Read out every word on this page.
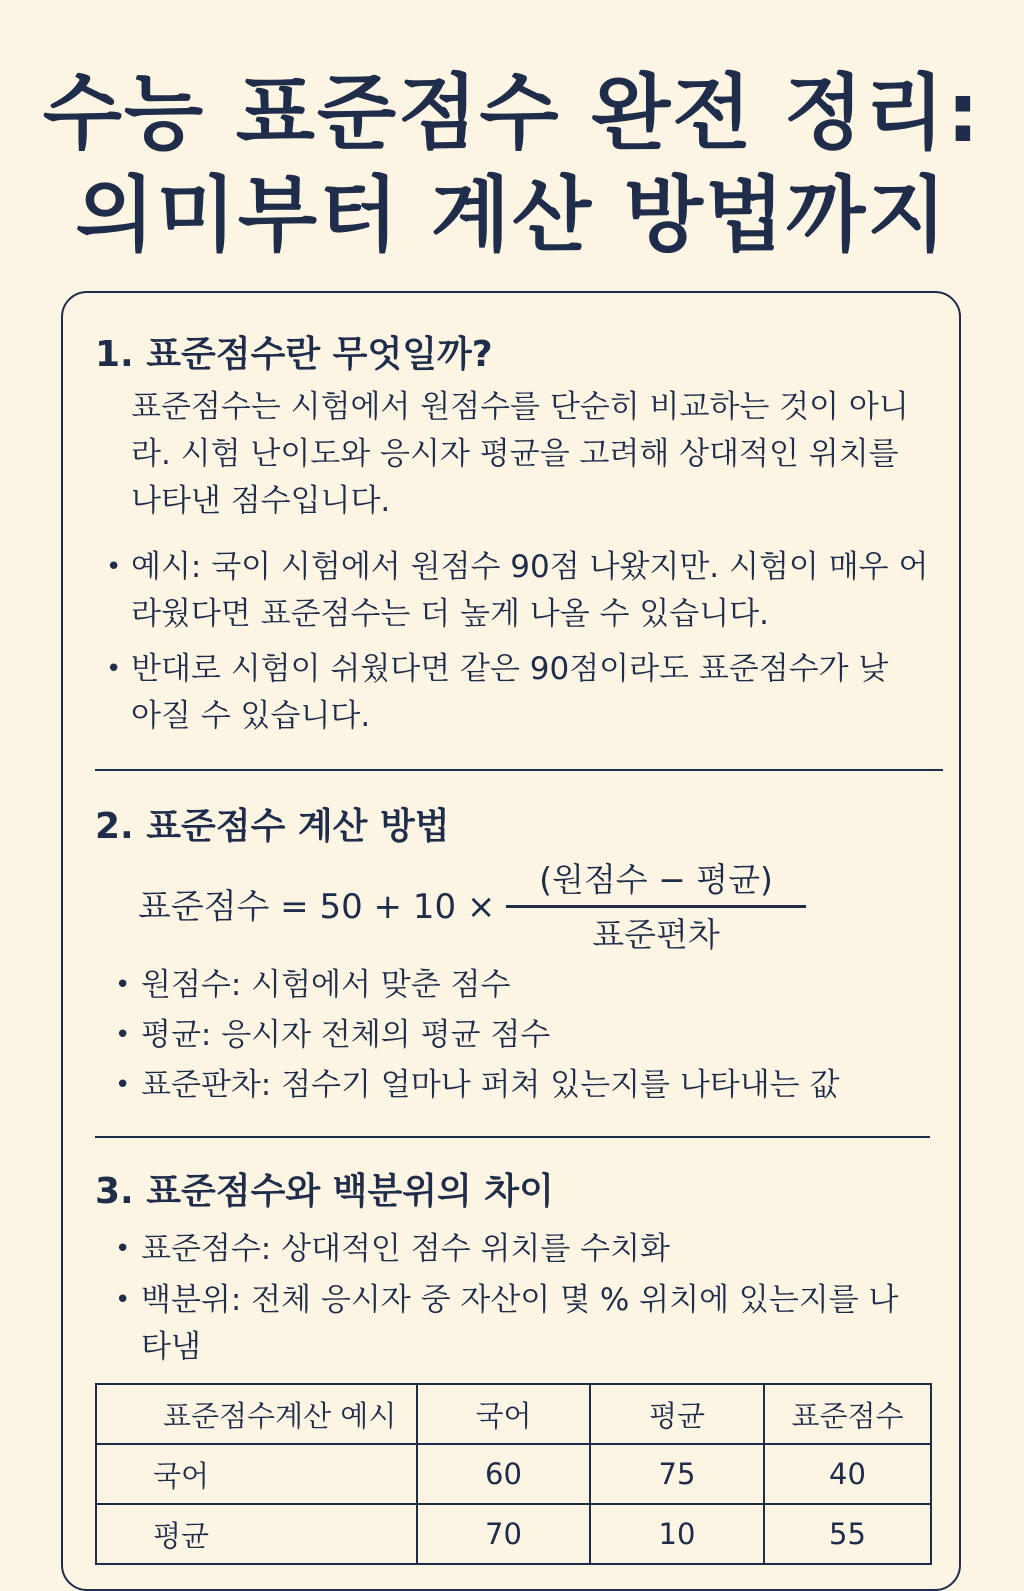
수능 표준점수 완전 정리:
의미부터 계산 방법까지
1. 표준점수란 무엇일까?

표준점수는 시험에서 원점수를 단순히 비교하는 것이 아니라. 시험 난이도와 응시자 평균을 고려해 상대적인 위치를 나타낸 점수입니다.

• 예시: 국이 시험에서 원점수 90점 나왔지만. 시험이 매우 어라웠다면 표준점수는 더 높게 나올 수 있습니다.

• 반대로 시험이 쉬웠다면 같은 90점이라도 표준점수가 낮아질 수 있습니다.

2. 표준점수 계산 방법
표준점수 = 50 + 10 ×
(원점수 − 평균)
표준편차
• 원점수: 시험에서 맞춘 점수

• 평균: 응시자 전체의 평균 점수

• 표준판차: 점수기 얼마나 퍼쳐 있는지를 나타내는 값

3. 표준점수와 백분위의 차이
• 표준점수: 상대적인 점수 위치를 수치화

• 백분위: 전체 응시자 중 자산이 몇 % 위치에 있는지를 나타냄

표준점수계산 예시	국어	평균	표준점수
국어	60	75	40
평균	70	10	55
